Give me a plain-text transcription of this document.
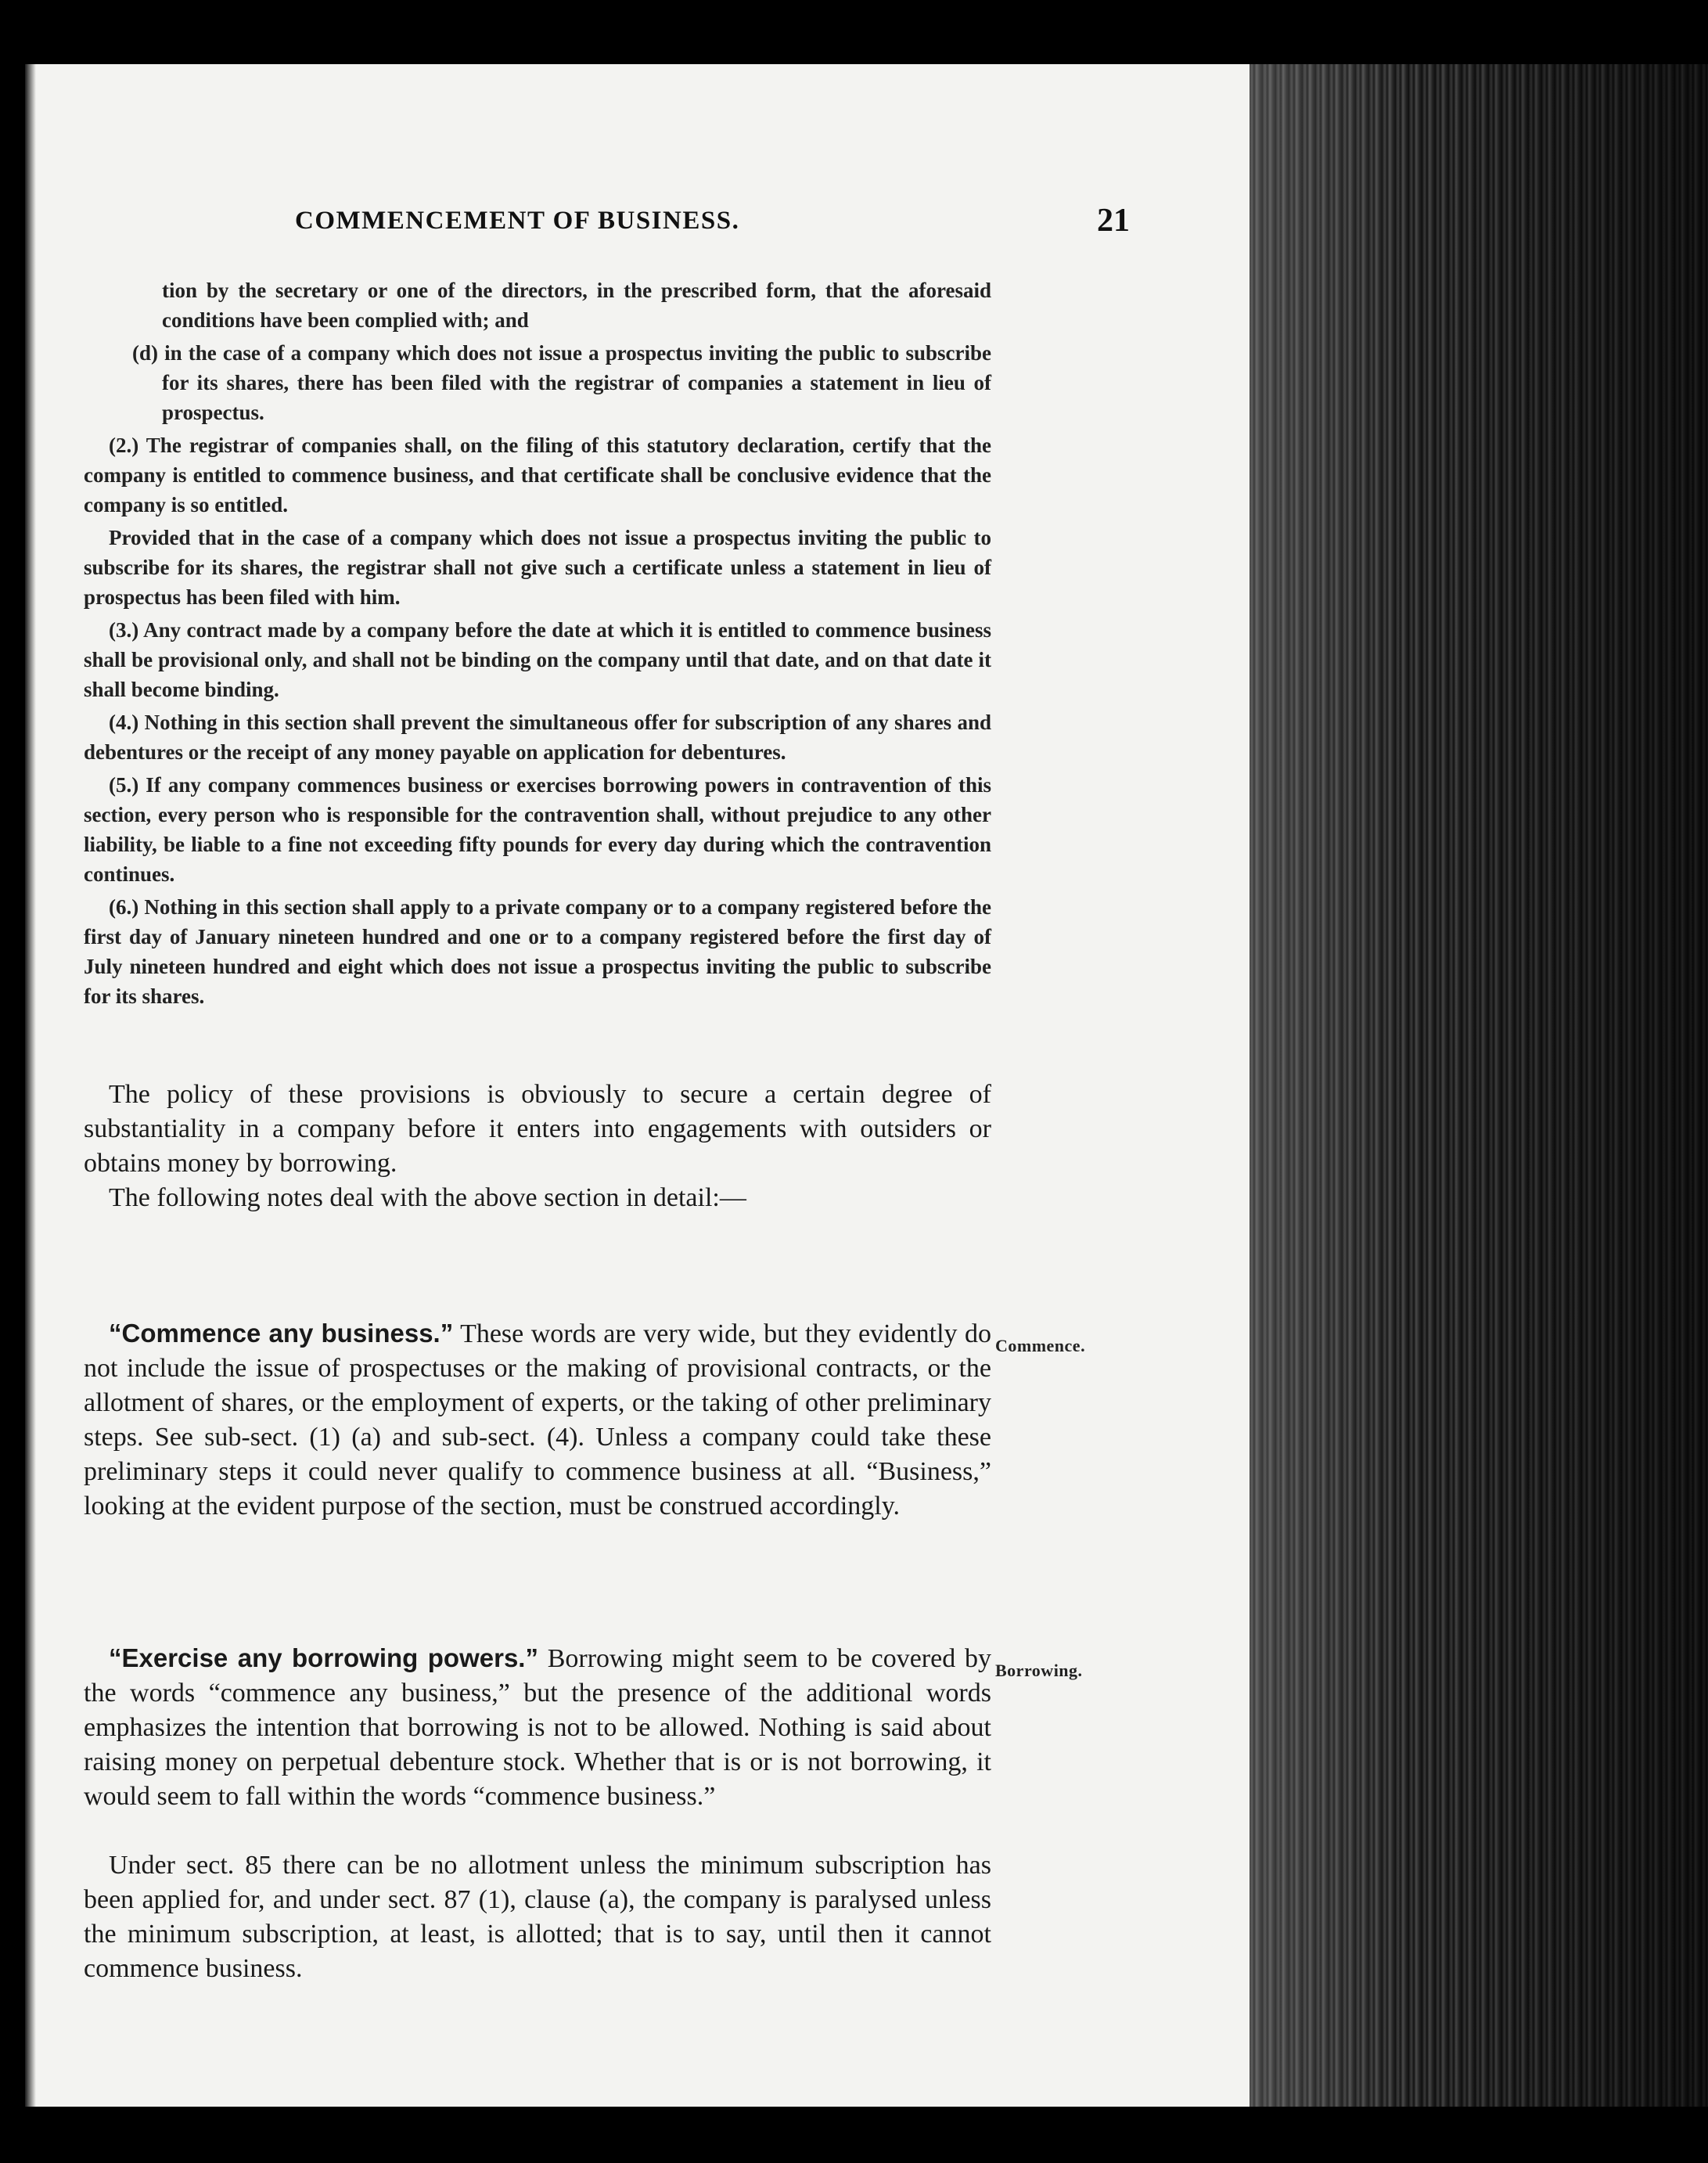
COMMENCEMENT OF BUSINESS.	21

tion by the secretary or one of the directors, in the prescribed form, that the aforesaid conditions have been complied with; and

(d) in the case of a company which does not issue a prospectus inviting the public to subscribe for its shares, there has been filed with the registrar of companies a statement in lieu of prospectus.

(2.) The registrar of companies shall, on the filing of this statutory declaration, certify that the company is entitled to commence business, and that certificate shall be conclusive evidence that the company is so entitled.

Provided that in the case of a company which does not issue a prospectus inviting the public to subscribe for its shares, the registrar shall not give such a certificate unless a statement in lieu of prospectus has been filed with him.

(3.) Any contract made by a company before the date at which it is entitled to commence business shall be provisional only, and shall not be binding on the company until that date, and on that date it shall become binding.

(4.) Nothing in this section shall prevent the simultaneous offer for subscription of any shares and debentures or the receipt of any money payable on application for debentures.

(5.) If any company commences business or exercises borrowing powers in contravention of this section, every person who is responsible for the contravention shall, without prejudice to any other liability, be liable to a fine not exceeding fifty pounds for every day during which the contravention continues.

(6.) Nothing in this section shall apply to a private company or to a company registered before the first day of January nineteen hundred and one or to a company registered before the first day of July nineteen hundred and eight which does not issue a prospectus inviting the public to subscribe for its shares.

The policy of these provisions is obviously to secure a certain degree of substantiality in a company before it enters into engagements with outsiders or obtains money by borrowing.

The following notes deal with the above section in detail:—

“Commence any business.” These words are very wide, but they evidently do not include the issue of prospectuses or the making of provisional contracts, or the allotment of shares, or the employment of experts, or the taking of other preliminary steps. See sub-sect. (1) (a) and sub-sect. (4). Unless a company could take these preliminary steps it could never qualify to commence business at all. “Business,” looking at the evident purpose of the section, must be construed accordingly.

Commence.

“Exercise any borrowing powers.” Borrowing might seem to be covered by the words “commence any business,” but the presence of the additional words emphasizes the intention that borrowing is not to be allowed. Nothing is said about raising money on perpetual debenture stock. Whether that is or is not borrowing, it would seem to fall within the words “commence business.”

Borrowing.

Under sect. 85 there can be no allotment unless the minimum subscription has been applied for, and under sect. 87 (1), clause (a), the company is paralysed unless the minimum subscription, at least, is allotted; that is to say, until then it cannot commence business.
